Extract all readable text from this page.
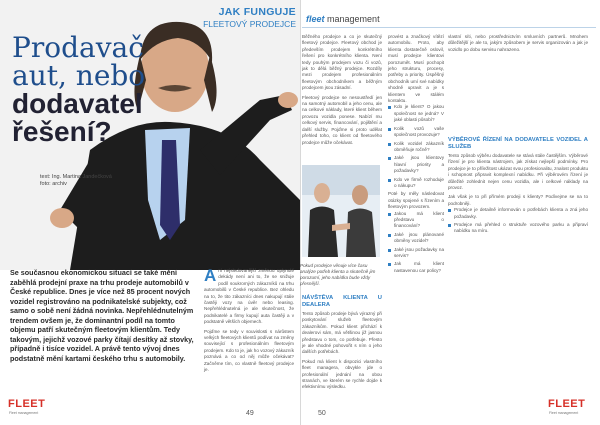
JAK FUNGUJE
FLEETOVÝ PRODEJCE
Prodavač
aut, nebo
dodavatel
řešení?
text: Ing. Martina Jandečková
foto: archiv
Se současnou ekonomickou situací se také mění zaběhlá prodejní praxe na trhu prodeje automobilů v České republice. Dnes je více než 85 procent nových vozidel registrováno na podnikatelské subjekty, což samo o sobě není žádná novinka. Nepřehlédnutelným trendem ovšem je, že dominantní podíl na tomto objemu patří skutečným fleetovým klientům. Tedy takovým, jejichž vozové parky čítají desítky až stovky, případně i tisíce vozidel. A právě tento vývoj dnes podstatně mění kartami českého trhu s automobily.

Ani nejsledovanější změnou uplynulé dekády není ani to, že se snižuje podíl soukromých zákazníků na trhu automobilů v České republice. Bez ohledu na to, že tito zákazníci dnes nakupují stále častěji vozy na úvěr nebo leasing. Nepřehlédnutelná je ale skutečnost, že podnikatelé a firmy kupují auta častěji a v podstatně větších objemech.

Pojďme se tedy v souvislosti s nárůstem velkých fleetových klientů podívat na změny související s profesionálním fleetovým prodejem. Kdo to je, jak ho vozový zákazník poznává a co od něj může očekávat? Začněme tím, co vlastně fleetový prodejce je.

FLEET
Fleet management	49
fleet management

Běžného prodejce a co je skutečný fleetový prodejce. Fleetový obchod je především prodejem konkrétního řešení pro konkrétního klienta. Není tedy pouhým prodejem vozu či vozů, jak to dělá běžný prodejce. Rozdíly mezi prodejem profesionálním fleetovým obchodníkem a běžným prodejcem jsou zásadní.

Fleetový prodejce se nesoustředí jen na samotný automobil a jeho cenu, ale na celkové náklady, které klient během provozu vozidla ponese. Nabízí mu celkový servis, financování, pojištění a další služby. Pojďme si proto udělat přehled toho, co klient od fleetového prodejce může očekávat.

provést a značkový vítězí automobilu. Proto, aby klienta dostatečně oslovil, musí prodejce klientovi porozumět. Musí pochopit jeho strukturu, procesy, potřeby a priority. Úspěšný obchodník umí své nabídky vhodně upravit a je s klientem ve stálém kontaktu.

Kdo je klient? O jakou společnost se jedná? V jaké oblasti působí?
Kolik vozů vaše společnost provozuje?
Kolik vozidel zákazník obměňuje ročně?
Jaké jsou klientovy hlavní priority a požadavky?
Kdo ve firmě rozhoduje o nákupu?

Poté by měly následovat otázky spojené s řízením a fleetovým provozem.

Jakou má klient představu o financování?
Jaké jsou plánované obměny vozidel?
Jaké jsou požadavky na servis?
Jak má klient nastavenou car policy?
Pokud prodejce věnuje více času analýze potřeb klienta a skutečně jim porozumí, jeho nabídka bude vždy přesnější.
NÁVŠTĚVA KLIENTA U DEALERA

Tento způsob prodeje bývá výrazný při poskytování služeb fleetovým zákazníkům. Pokud klient přichází k dealerovi sám, má většinou již jasnou představu o tom, co potřebuje. Přesto je ale vhodné pohovořit s ním o jeho dalších potřebách.

Pokud má klient k dispozici vlastního fleet managera, obvykle jde o profesionální jednání na obou stranách, ve kterém se rychle dojde k efektivnímu výsledku.

vlastní síti, nebo prostřednictvím smluvních partnerů. Mnohem důležitější je ale to, jakým způsobem je servis organizován a jak je vozidlo po dobu servisu nahrazeno.

VÝBĚROVÉ ŘÍZENÍ NA DODAVATELE VOZIDEL A SLUŽEB

Tento způsob výběru dodavatele se stává stále častějším. Výběrové řízení je pro klienta nástrojem, jak získat nejlepší podmínky. Pro prodejce je to příležitost ukázat svou profesionalitu, znalost produktu i schopnost připravit komplexní nabídku. Při výběrovém řízení je důležité zohlednit nejen cenu vozidla, ale i celkové náklady na provoz.

Jak však je to při přímém prodeji s klienty? Podívejme se na to podrobněji.

Prodejce je detailně informován o potřebách klienta a zná jeho požadavky.
Prodejce má přehled o struktuře vozového parku a připraví nabídku na míru.
50
FLEET
Fleet management
